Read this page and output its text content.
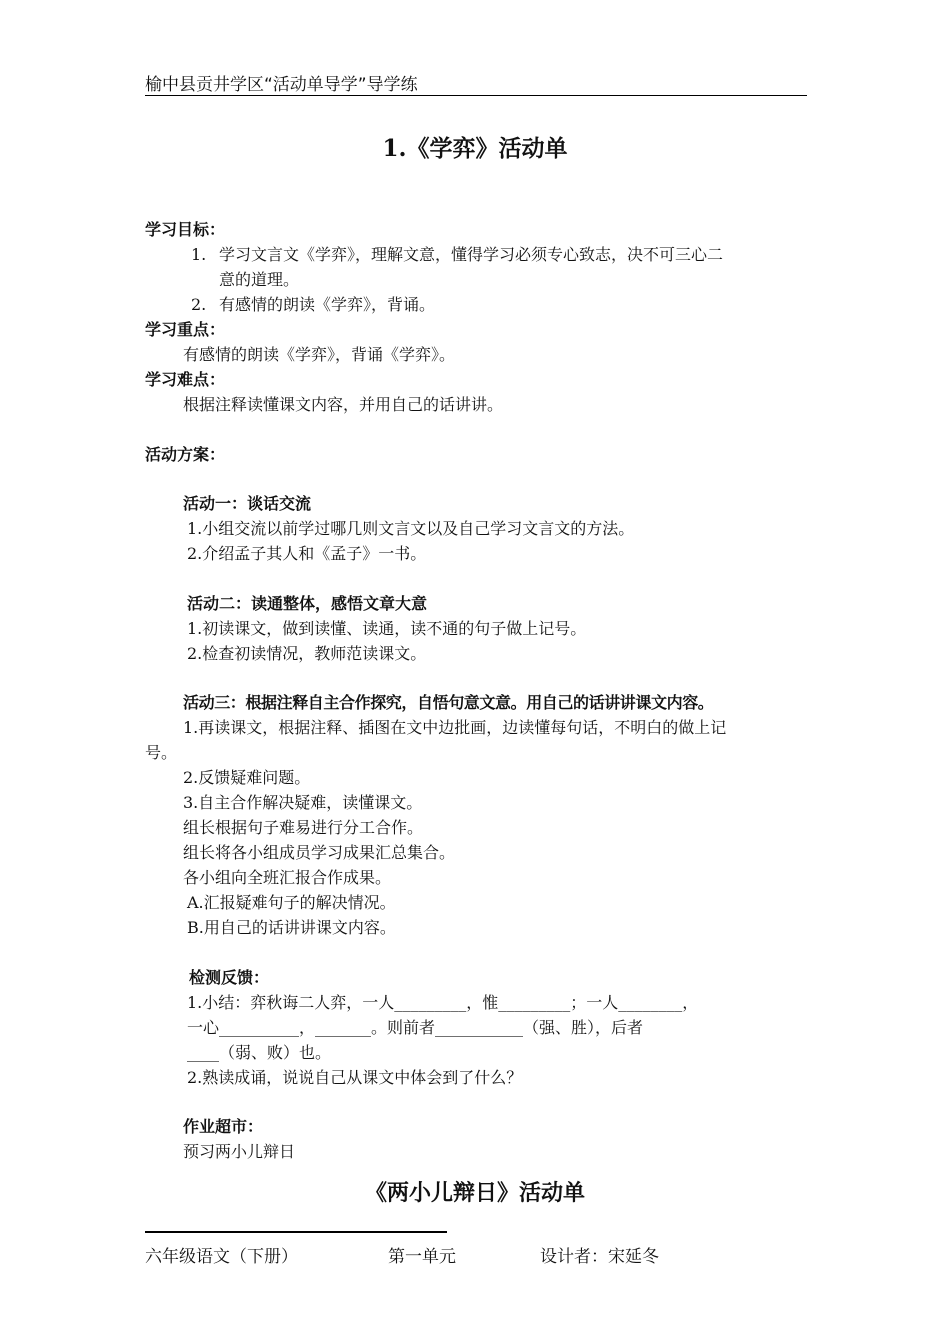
榆中县贡井学区“活动单导学”导学练
1.《学弈》活动单
学习目标：
1. 学习文言文《学弈》，理解文意，懂得学习必须专心致志，决不可三心二
意的道理。
2. 有感情的朗读《学弈》，背诵。
学习重点：
有感情的朗读《学弈》，背诵《学弈》。
学习难点：
根据注释读懂课文内容，并用自己的话讲讲。
活动方案：
活动一：谈话交流
1.小组交流以前学过哪几则文言文以及自己学习文言文的方法。
2.介绍孟子其人和《孟子》一书。
活动二：读通整体，感悟文章大意
1.初读课文，做到读懂、读通，读不通的句子做上记号。
2.检查初读情况，教师范读课文。
活动三：根据注释自主合作探究，自悟句意文意。用自己的话讲讲课文内容。
1.再读课文，根据注释、插图在文中边批画，边读懂每句话，不明白的做上记
号。
2.反馈疑难问题。
3.自主合作解决疑难，读懂课文。
组长根据句子难易进行分工合作。
组长将各小组成员学习成果汇总集合。
各小组向全班汇报合作成果。
A.汇报疑难句子的解决情况。
B.用自己的话讲讲课文内容。
检测反馈：
1.小结：弈秋诲二人弈，一人_________，惟_________；一人________，
一心__________，_______。则前者___________（强、胜），后者
____（弱、败）也。
2.熟读成诵，说说自己从课文中体会到了什么？
作业超市：
预习两小儿辩日
《两小儿辩日》活动单
六年级语文（下册）	第一单元	设计者：宋延冬
